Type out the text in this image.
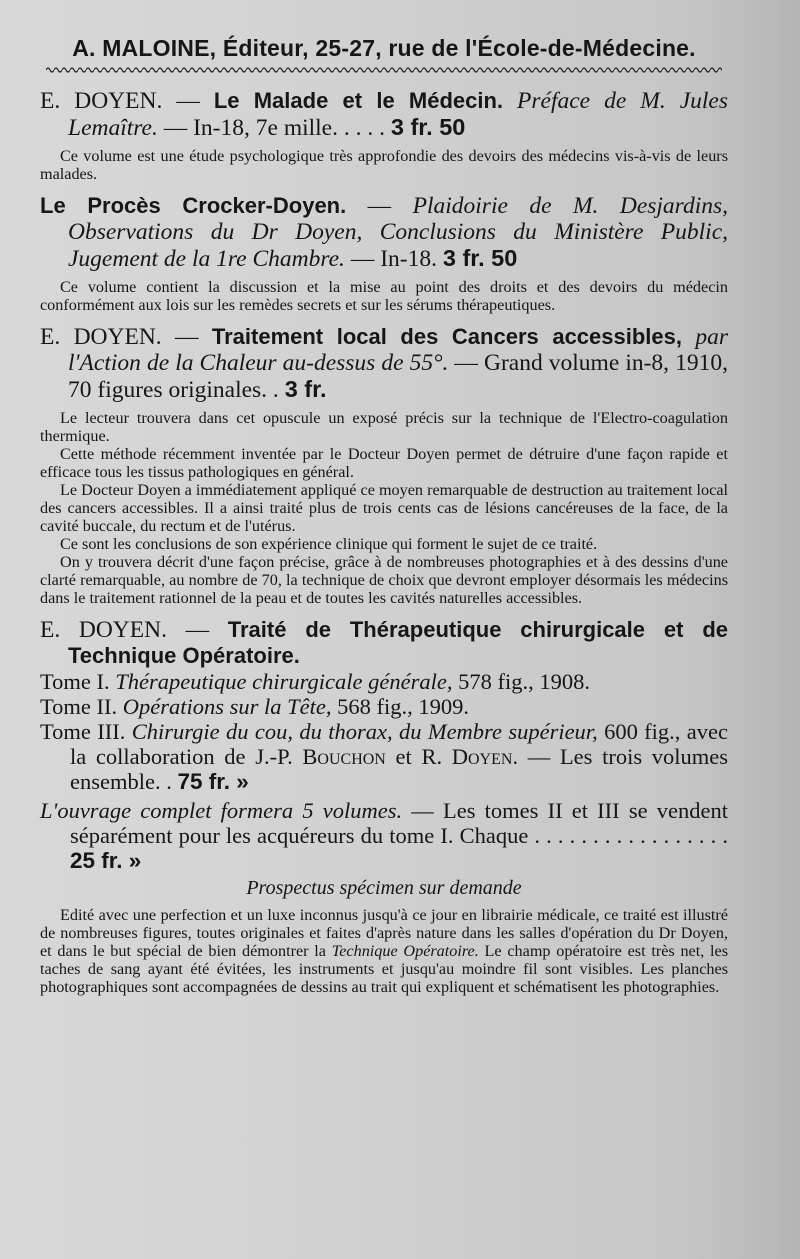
A. MALOINE, Éditeur, 25-27, rue de l'École-de-Médecine.

E. DOYEN. — Le Malade et le Médecin. Préface de M. Jules Lemaître. — In-18, 7e mille. . . . . 3 fr. 50

Ce volume est une étude psychologique très approfondie des devoirs des médecins vis-à-vis de leurs malades.

Le Procès Crocker-Doyen. — Plaidoirie de M. Desjardins, Observations du Dr Doyen, Conclusions du Ministère Public, Jugement de la 1re Chambre. — In-18. 3 fr. 50

Ce volume contient la discussion et la mise au point des droits et des devoirs du médecin conformément aux lois sur les remèdes secrets et sur les sérums thérapeutiques.

E. DOYEN. — Traitement local des Cancers accessibles, par l'Action de la Chaleur au-dessus de 55°. — Grand volume in-8, 1910, 70 figures originales. . 3 fr.

Le lecteur trouvera dans cet opuscule un exposé précis sur la technique de l'Electro-coagulation thermique.

Cette méthode récemment inventée par le Docteur Doyen permet de détruire d'une façon rapide et efficace tous les tissus pathologiques en général.

Le Docteur Doyen a immédiatement appliqué ce moyen remarquable de destruction au traitement local des cancers accessibles. Il a ainsi traité plus de trois cents cas de lésions cancéreuses de la face, de la cavité buccale, du rectum et de l'utérus.

Ce sont les conclusions de son expérience clinique qui forment le sujet de ce traité.

On y trouvera décrit d'une façon précise, grâce à de nombreuses photographies et à des dessins d'une clarté remarquable, au nombre de 70, la technique de choix que devront employer désormais les médecins dans le traitement rationnel de la peau et de toutes les cavités naturelles accessibles.

E. DOYEN. — Traité de Thérapeutique chirurgicale et de Technique Opératoire.

Tome I. Thérapeutique chirurgicale générale, 578 fig., 1908.

Tome II. Opérations sur la Tête, 568 fig., 1909.

Tome III. Chirurgie du cou, du thorax, du Membre supérieur, 600 fig., avec la collaboration de J.-P. Bouchon et R. Doyen. — Les trois volumes ensemble. . 75 fr. »

L'ouvrage complet formera 5 volumes. — Les tomes II et III se vendent séparément pour les acquéreurs du tome I. Chaque . . . . . . . . . . . . . . . . . 25 fr. »

Prospectus spécimen sur demande

Edité avec une perfection et un luxe inconnus jusqu'à ce jour en librairie médicale, ce traité est illustré de nombreuses figures, toutes originales et faites d'après nature dans les salles d'opération du Dr Doyen, et dans le but spécial de bien démontrer la Technique Opératoire. Le champ opératoire est très net, les taches de sang ayant été évitées, les instruments et jusqu'au moindre fil sont visibles. Les planches photographiques sont accompagnées de dessins au trait qui expliquent et schématisent les photographies.
